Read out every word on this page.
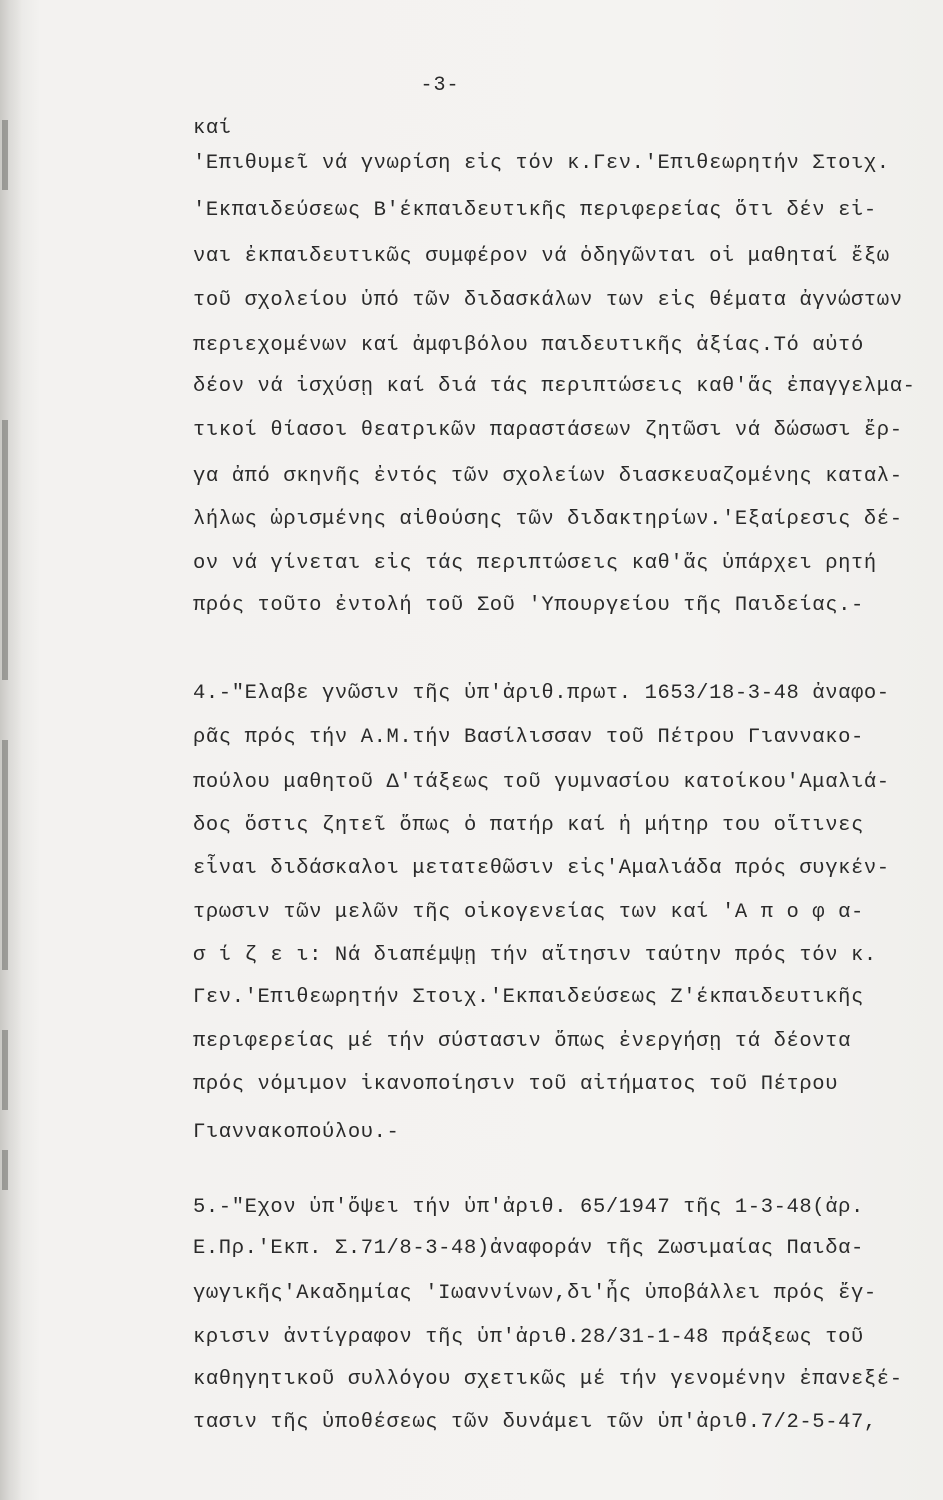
-3-
καί
'Επιθυμεῖ νά γνωρίση εἰς τόν κ.Γεν.'Επιθεωρητήν Στοιχ.
'Εκπαιδεύσεως Β'έκπαιδευτικῆς περιφερείας ὅτι δέν εἰ-
ναι ἐκπαιδευτικῶς συμφέρον νά ὁδηγῶνται οἱ μαθηταί ἔξω
τοῦ σχολείου ὑπό τῶν διδασκάλων των εἰς θέματα ἀγνώστων
περιεχομένων καί ἀμφιβόλου παιδευτικῆς ἀξίας.Τό αὐτό
δέον νά ἰσχύσῃ καί διά τάς περιπτώσεις καθ'ἅς ἐπαγγελμα-
τικοί θίασοι θεατρικῶν παραστάσεων ζητῶσι νά δώσωσι ἔρ-
γα ἀπό σκηνῆς ἐντός τῶν σχολείων διασκευαζομένης καταλ-
λήλως ὡρισμένης αἰθούσης τῶν διδακτηρίων.'Εξαίρεσις δέ-
ον νά γίνεται εἰς τάς περιπτώσεις καθ'ἅς ὑπάρχει ρητή
πρός τοῦτο ἐντολή τοῦ Σοῦ 'Υπουργείου τῆς Παιδείας.-
4.-"Ελαβε γνῶσιν τῆς ὑπ'ἀριθ.πρωτ. 1653/18-3-48 ἀναφο-
ρᾶς πρός τήν Α.Μ.τήν Βασίλισσαν τοῦ Πέτρου Γιαννακο-
πούλου μαθητοῦ Δ'τάξεως τοῦ γυμνασίου κατοίκου'Αμαλιά-
δος ὅστις ζητεῖ ὅπως ὁ πατήρ καί ἡ μήτηρ του οἵτινες
εἶναι διδάσκαλοι μετατεθῶσιν εἰς'Αμαλιάδα πρός συγκέν-
τρωσιν τῶν μελῶν τῆς οἰκογενείας των καί 'Α π ο φ α-
σ ί ζ ε ι: Νά διαπέμψῃ τήν αἴτησιν ταύτην πρός τόν κ.
Γεν.'Επιθεωρητήν Στοιχ.'Εκπαιδεύσεως Ζ'έκπαιδευτικῆς
περιφερείας μέ τήν σύστασιν ὅπως ἐνεργήσῃ τά δέοντα
πρός νόμιμον ἱκανοποίησιν τοῦ αἰτήματος τοῦ Πέτρου
Γιαννακοπούλου.-
5.-"Εχον ὑπ'ὄψει τήν ὑπ'ἀριθ. 65/1947 τῆς 1-3-48(ἀρ.
Ε.Πρ.'Εκπ. Σ.71/8-3-48)ἀναφοράν τῆς Ζωσιμαίας Παιδα-
γωγικῆς'Ακαδημίας 'Ιωαννίνων,δι'ἧς ὑποβάλλει πρός ἔγ-
κρισιν ἀντίγραφον τῆς ὑπ'ἀριθ.28/31-1-48 πράξεως τοῦ
καθηγητικοῦ συλλόγου σχετικῶς μέ τήν γενομένην ἐπανεξέ-
τασιν τῆς ὑποθέσεως τῶν δυνάμει τῶν ὑπ'ἀριθ.7/2-5-47,
